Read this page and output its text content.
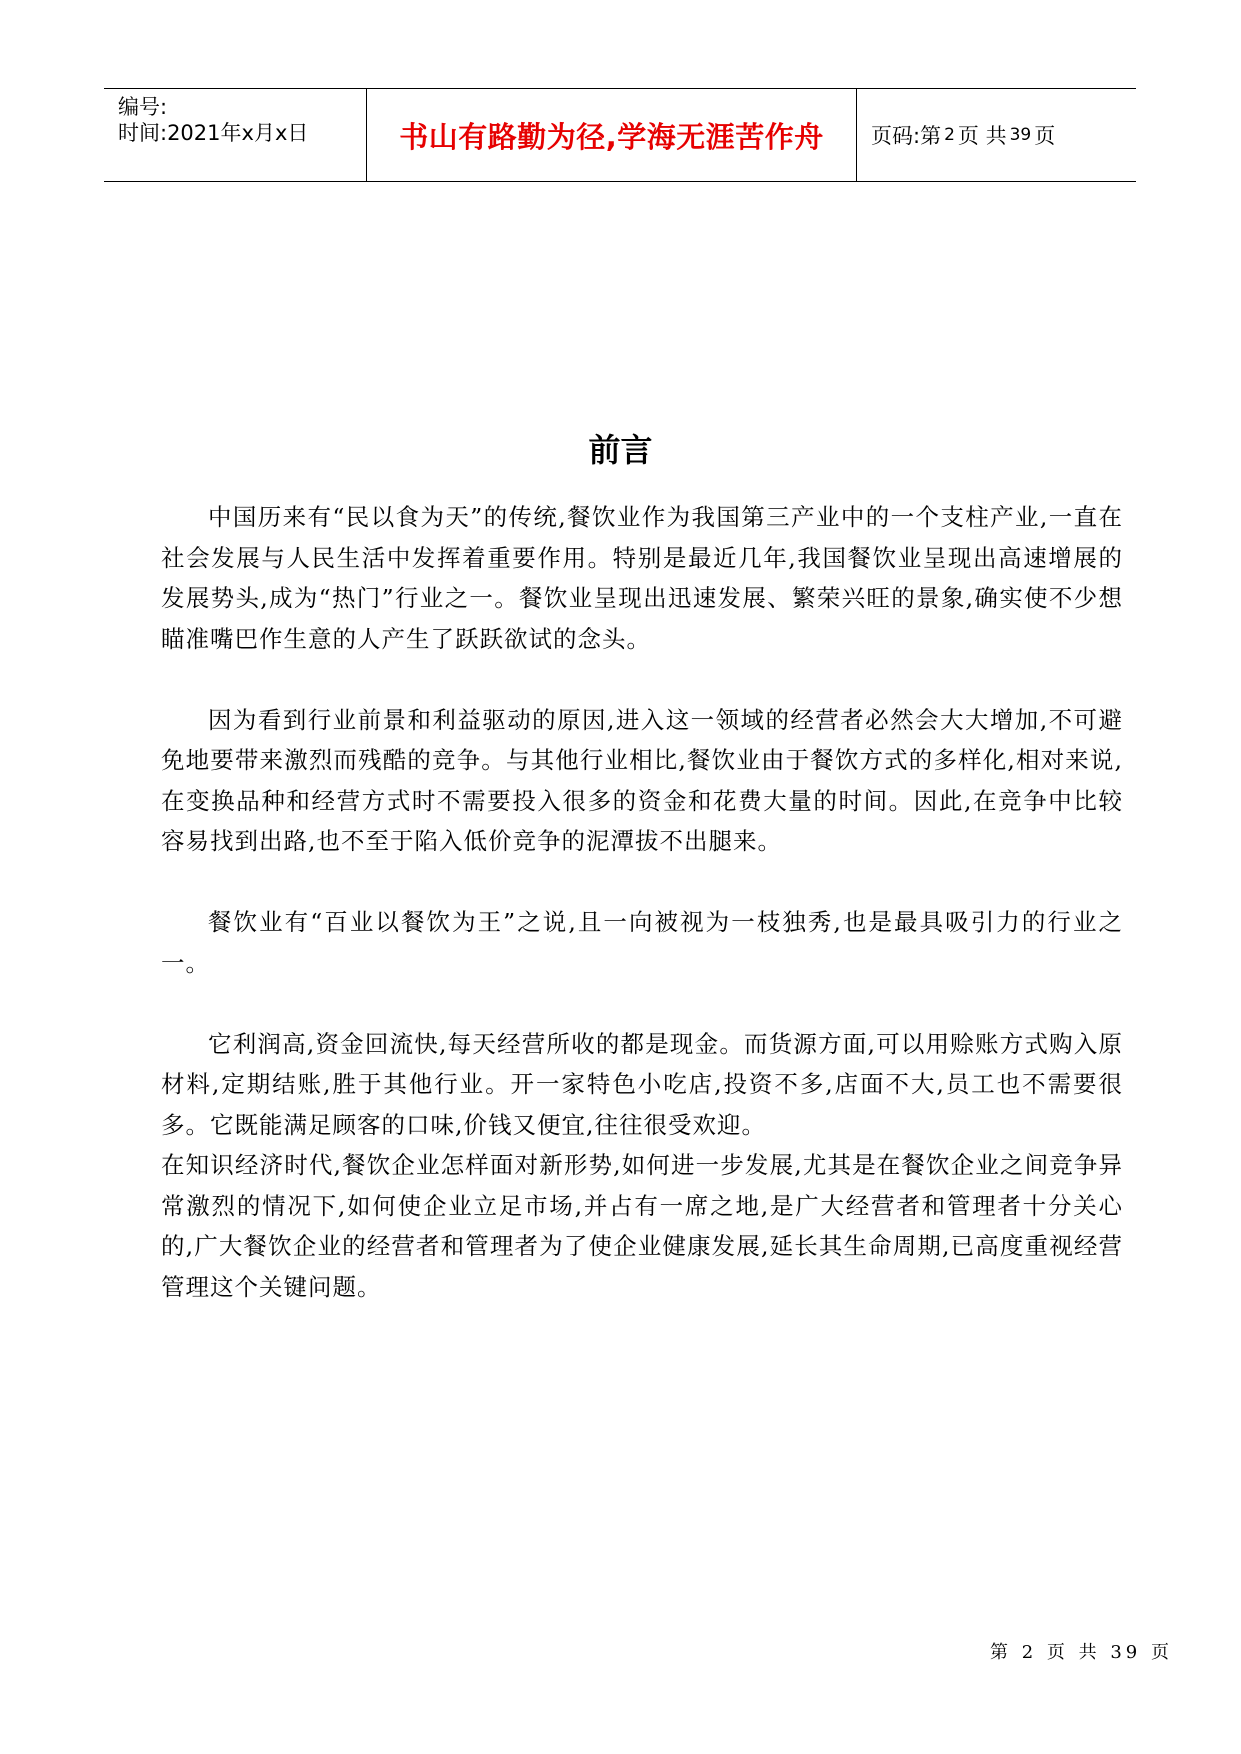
编号:
时间:2021年x月x日	书山有路勤为径,学海无涯苦作舟 页码:第 2 页 共 39 页
前言

中国历来有“民以食为天”的传统,餐饮业作为我国第三产业中的一个支柱产业,一直在社会发展与人民生活中发挥着重要作用。特别是最近几年,我国餐饮业呈现出高速增展的发展势头,成为“热门”行业之一。餐饮业呈现出迅速发展、繁荣兴旺的景象,确实使不少想瞄准嘴巴作生意的人产生了跃跃欲试的念头。

因为看到行业前景和利益驱动的原因,进入这一领域的经营者必然会大大增加,不可避免地要带来激烈而残酷的竞争。与其他行业相比,餐饮业由于餐饮方式的多样化,相对来说,在变换品种和经营方式时不需要投入很多的资金和花费大量的时间。因此,在竞争中比较容易找到出路,也不至于陷入低价竞争的泥潭拔不出腿来。

餐饮业有“百业以餐饮为王”之说,且一向被视为一枝独秀,也是最具吸引力的行业之一。

它利润高,资金回流快,每天经营所收的都是现金。而货源方面,可以用赊账方式购入原材料,定期结账,胜于其他行业。开一家特色小吃店,投资不多,店面不大,员工也不需要很多。它既能满足顾客的口味,价钱又便宜,往往很受欢迎。

在知识经济时代,餐饮企业怎样面对新形势,如何进一步发展,尤其是在餐饮企业之间竞争异常激烈的情况下,如何使企业立足市场,并占有一席之地,是广大经营者和管理者十分关心的,广大餐饮企业的经营者和管理者为了使企业健康发展,延长其生命周期,已高度重视经营管理这个关键问题。

第 2 页 共 39 页
